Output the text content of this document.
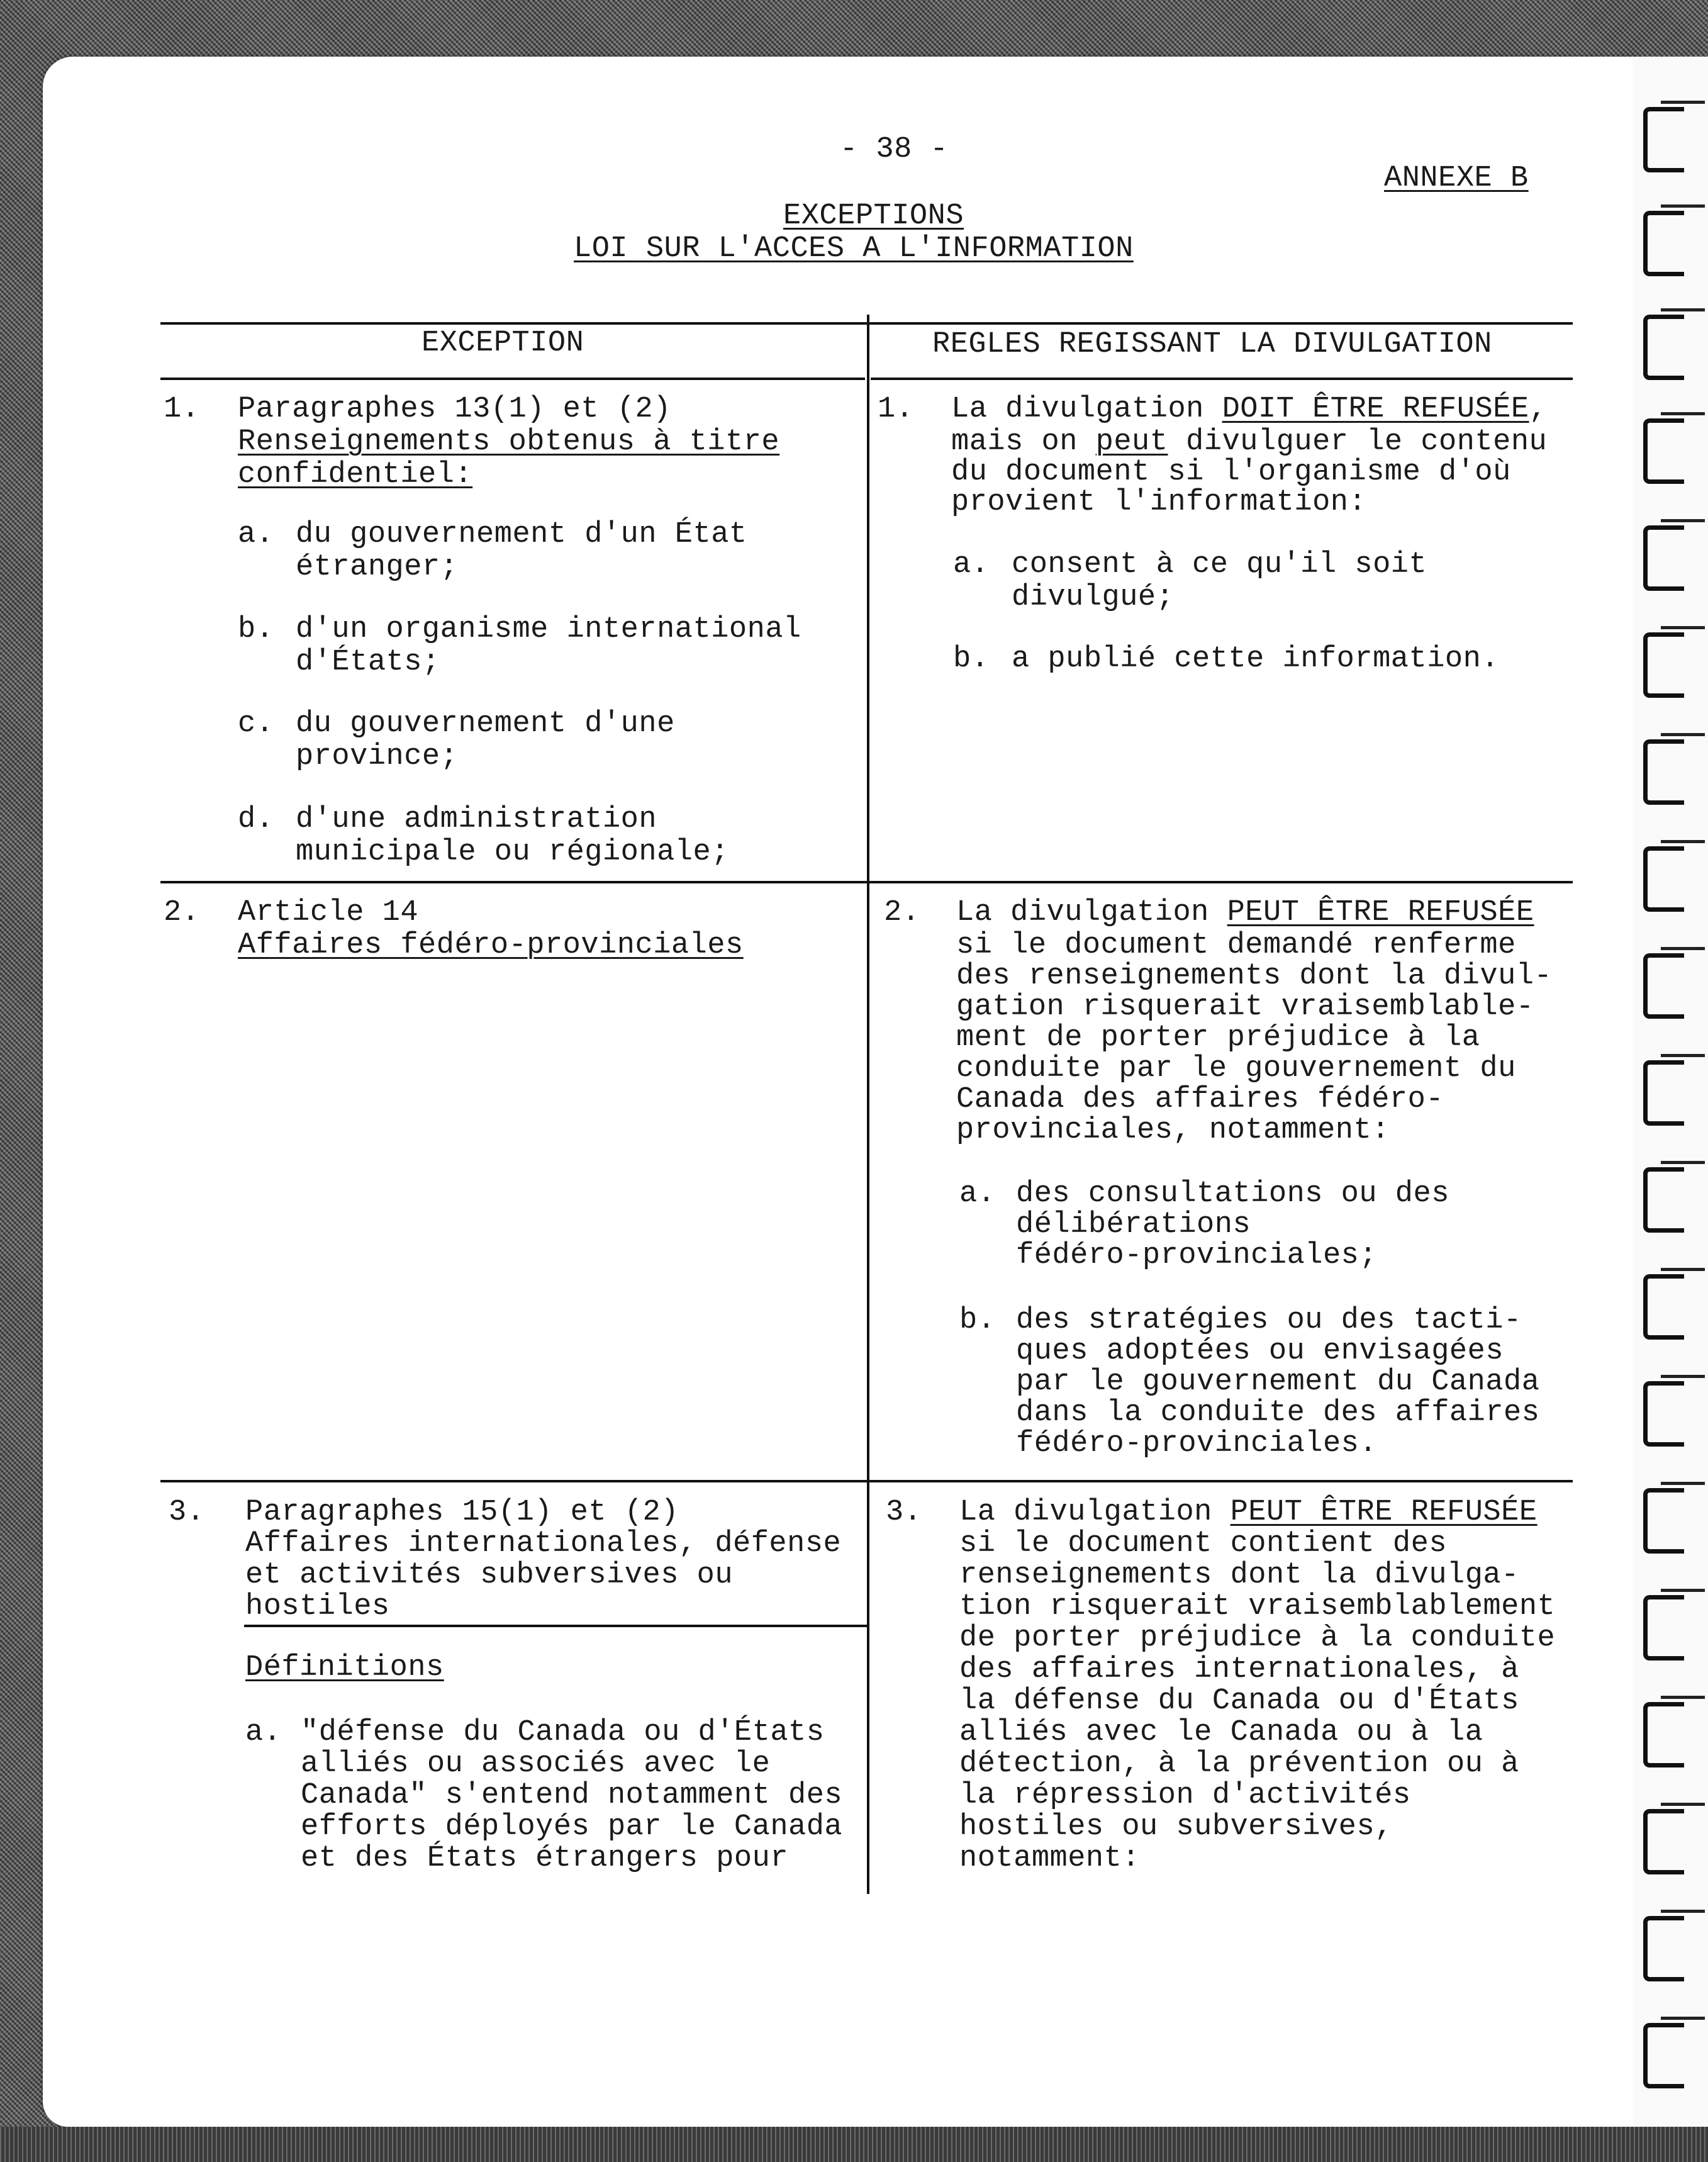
- 38 -
ANNEXE B
EXCEPTIONS
LOI SUR L'ACCES A L'INFORMATION
EXCEPTION	REGLES REGISSANT LA DIVULGATION
1. Paragraphes 13(1) et (2)
Renseignements obtenus à titre
confidentiel:
a. du gouvernement d'un État
étranger;
b. d'un organisme international
d'États;
c. du gouvernement d'une
province;
d. d'une administration
municipale ou régionale;
1. La divulgation DOIT ÊTRE REFUSÉE,
mais on peut divulguer le contenu
du document si l'organisme d'où
provient l'information:
a. consent à ce qu'il soit
divulgué;
b. a publié cette information.
2. Article 14
Affaires fédéro-provinciales
2. La divulgation PEUT ÊTRE REFUSÉE
si le document demandé renferme
des renseignements dont la divul-
gation risquerait vraisemblable-
ment de porter préjudice à la
conduite par le gouvernement du
Canada des affaires fédéro-
provinciales, notamment:
a. des consultations ou des
délibérations
fédéro-provinciales;
b. des stratégies ou des tacti-
ques adoptées ou envisagées
par le gouvernement du Canada
dans la conduite des affaires
fédéro-provinciales.
3. Paragraphes 15(1) et (2)
Affaires internationales, défense
et activités subversives ou
hostiles
Définitions
a. "défense du Canada ou d'États
alliés ou associés avec le
Canada" s'entend notamment des
efforts déployés par le Canada
et des États étrangers pour
3. La divulgation PEUT ÊTRE REFUSÉE
si le document contient des
renseignements dont la divulga-
tion risquerait vraisemblablement
de porter préjudice à la conduite
des affaires internationales, à
la défense du Canada ou d'États
alliés avec le Canada ou à la
détection, à la prévention ou à
la répression d'activités
hostiles ou subversives,
notamment:
